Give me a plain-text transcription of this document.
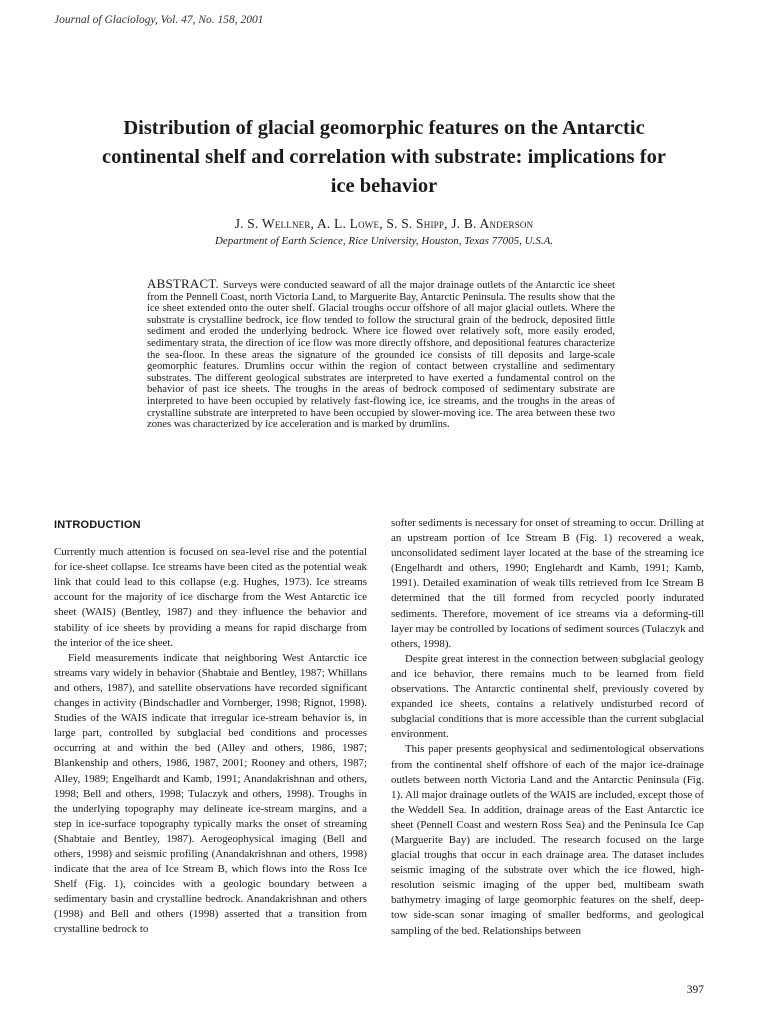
Journal of Glaciology, Vol. 47, No. 158, 2001
Distribution of glacial geomorphic features on the Antarctic continental shelf and correlation with substrate: implications for ice behavior
J. S. Wellner, A. L. Lowe, S. S. Shipp, J. B. Anderson
Department of Earth Science, Rice University, Houston, Texas 77005, U.S.A.

ABSTRACT. Surveys were conducted seaward of all the major drainage outlets of the Antarctic ice sheet from the Pennell Coast, north Victoria Land, to Marguerite Bay, Antarctic Peninsula. The results show that the ice sheet extended onto the outer shelf. Glacial troughs occur offshore of all major glacial outlets. Where the substrate is crystalline bedrock, ice flow tended to follow the structural grain of the bedrock, deposited little sediment and eroded the underlying bedrock. Where ice flowed over relatively soft, more easily eroded, sedimentary strata, the direction of ice flow was more directly offshore, and depositional features characterize the sea-floor. In these areas the signature of the grounded ice consists of till deposits and large-scale geomorphic features. Drumlins occur within the region of contact between crystalline and sedimentary substrates. The different geological substrates are interpreted to have exerted a fundamental control on the behavior of past ice sheets. The troughs in the areas of bedrock composed of sedimentary substrate are interpreted to have been occupied by relatively fast-flowing ice, ice streams, and the troughs in the areas of crystalline substrate are interpreted to have been occupied by slower-moving ice. The area between these two zones was characterized by ice acceleration and is marked by drumlins.

INTRODUCTION

Currently much attention is focused on sea-level rise and the potential for ice-sheet collapse. Ice streams have been cited as the potential weak link that could lead to this collapse (e.g. Hughes, 1973). Ice streams account for the majority of ice discharge from the West Antarctic ice sheet (WAIS) (Bentley, 1987) and they influence the behavior and stability of ice sheets by providing a means for rapid discharge from the interior of the ice sheet.

Field measurements indicate that neighboring West Antarctic ice streams vary widely in behavior (Shabtaie and Bentley, 1987; Whillans and others, 1987), and satellite observations have recorded significant changes in activity (Bindschadler and Vornberger, 1998; Rignot, 1998). Studies of the WAIS indicate that irregular ice-stream behavior is, in large part, controlled by subglacial bed conditions and processes occurring at and within the bed (Alley and others, 1986, 1987; Blankenship and others, 1986, 1987, 2001; Rooney and others, 1987; Alley, 1989; Engelhardt and Kamb, 1991; Anandakrishnan and others, 1998; Bell and others, 1998; Tulaczyk and others, 1998). Troughs in the underlying topography may delineate ice-stream margins, and a step in ice-surface topography typically marks the onset of streaming (Shabtaie and Bentley, 1987). Aerogeophysical imaging (Bell and others, 1998) and seismic profiling (Anandakrishnan and others, 1998) indicate that the area of Ice Stream B, which flows into the Ross Ice Shelf (Fig. 1), coincides with a geologic boundary between a sedimentary basin and crystalline bedrock. Anandakrishnan and others (1998) and Bell and others (1998) asserted that a transition from crystalline bedrock to

softer sediments is necessary for onset of streaming to occur. Drilling at an upstream portion of Ice Stream B (Fig. 1) recovered a weak, unconsolidated sediment layer located at the base of the streaming ice (Engelhardt and others, 1990; Englehardt and Kamb, 1991; Kamb, 1991). Detailed examination of weak tills retrieved from Ice Stream B determined that the till formed from recycled poorly indurated sediments. Therefore, movement of ice streams via a deforming-till layer may be controlled by locations of sediment sources (Tulaczyk and others, 1998).

Despite great interest in the connection between subglacial geology and ice behavior, there remains much to be learned from field observations. The Antarctic continental shelf, previously covered by expanded ice sheets, contains a relatively undisturbed record of subglacial conditions that is more accessible than the current subglacial environment.

This paper presents geophysical and sedimentological observations from the continental shelf offshore of each of the major ice-drainage outlets between north Victoria Land and the Antarctic Peninsula (Fig. 1). All major drainage outlets of the WAIS are included, except those of the Weddell Sea. In addition, drainage areas of the East Antarctic ice sheet (Pennell Coast and western Ross Sea) and the Peninsula Ice Cap (Marguerite Bay) are included. The research focused on the large glacial troughs that occur in each drainage area. The dataset includes seismic imaging of the substrate over which the ice flowed, high-resolution seismic imaging of the upper bed, multibeam swath bathymetry imaging of large geomorphic features on the shelf, deep-tow side-scan sonar imaging of smaller bedforms, and geological sampling of the bed. Relationships between

397
